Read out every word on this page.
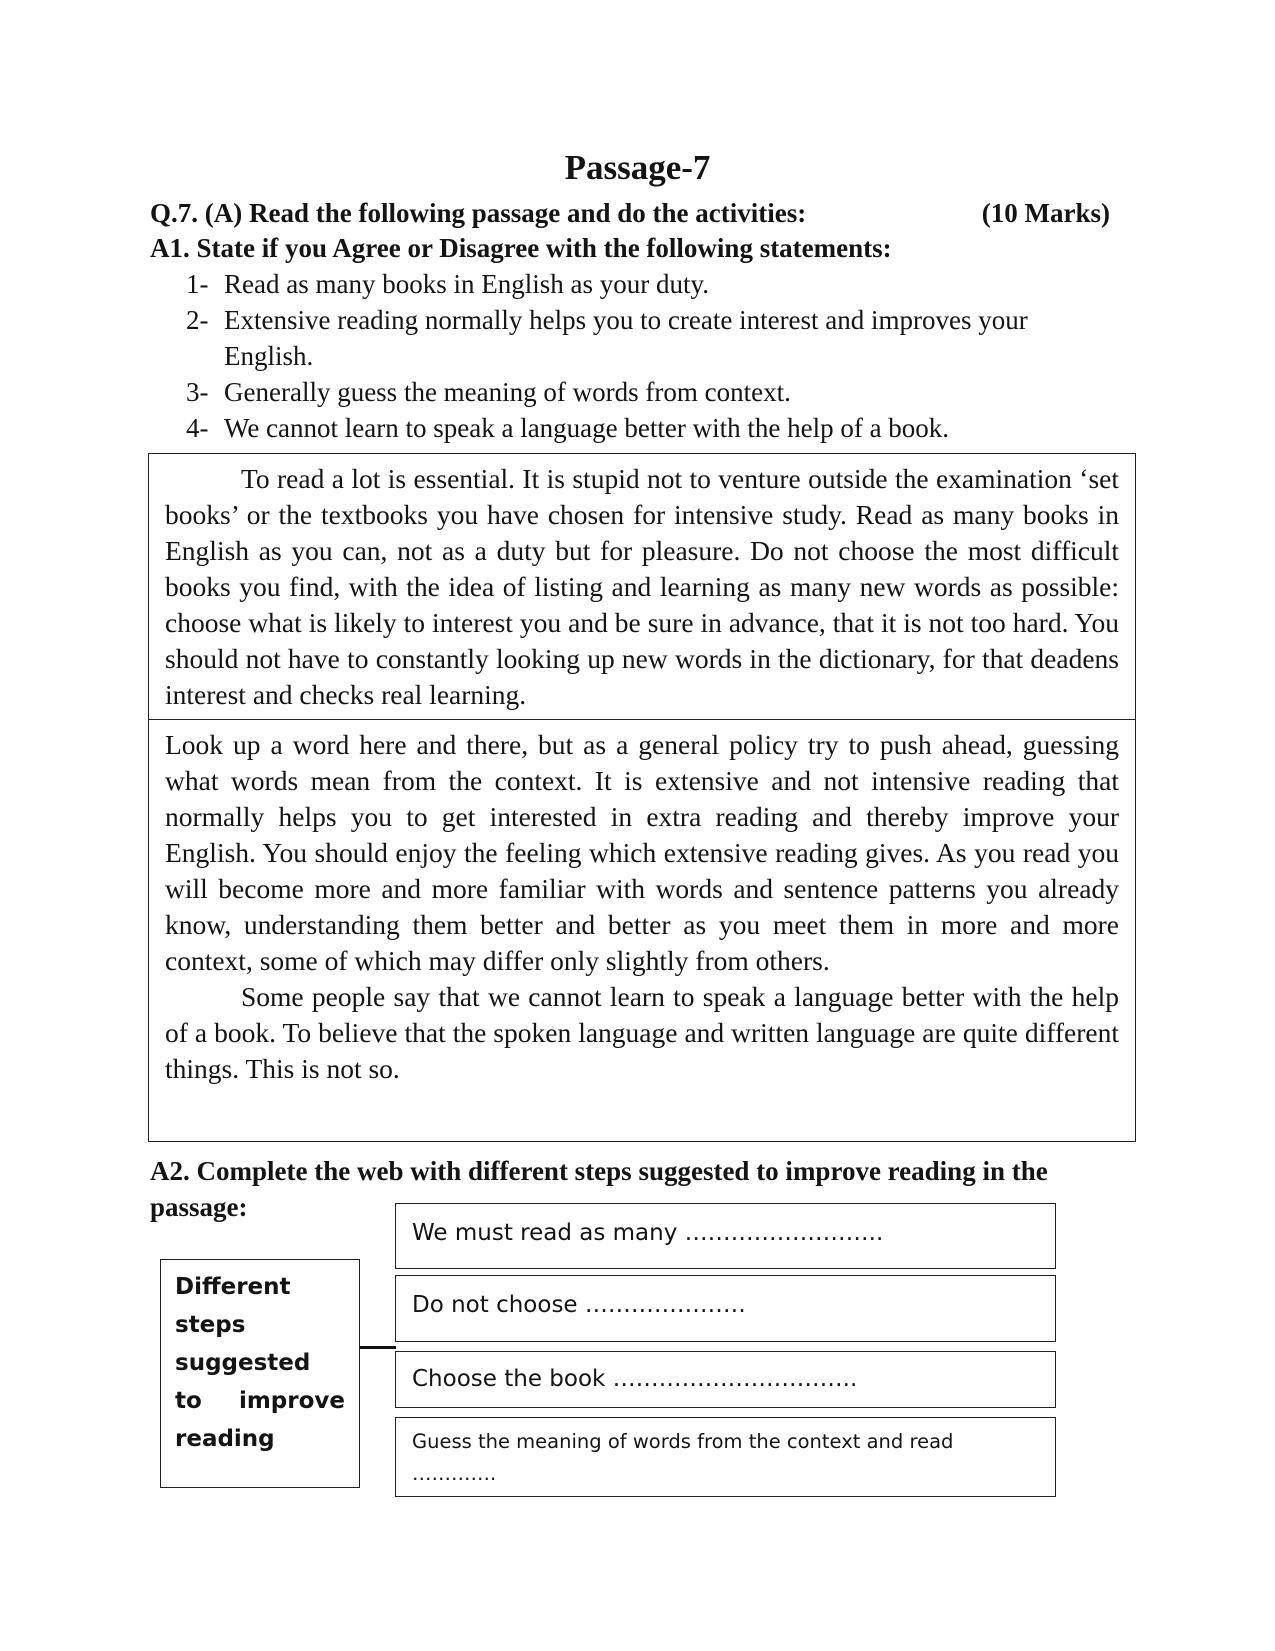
Passage-7
Q.7. (A) Read the following passage and do the activities:	(10 Marks)
A1. State if you Agree or Disagree with the following statements:
1- Read as many books in English as your duty.
2- Extensive reading normally helps you to create interest and improves your English.
3- Generally guess the meaning of words from context.
4- We cannot learn to speak a language better with the help of a book.

To read a lot is essential. It is stupid not to venture outside the examination ‘set books’ or the textbooks you have chosen for intensive study. Read as many books in English as you can, not as a duty but for pleasure. Do not choose the most difficult books you find, with the idea of listing and learning as many new words as possible: choose what is likely to interest you and be sure in advance, that it is not too hard. You should not have to constantly looking up new words in the dictionary, for that deadens interest and checks real learning.

Look up a word here and there, but as a general policy try to push ahead, guessing what words mean from the context. It is extensive and not intensive reading that normally helps you to get interested in extra reading and thereby improve your English. You should enjoy the feeling which extensive reading gives. As you read you will become more and more familiar with words and sentence patterns you already know, understanding them better and better as you meet them in more and more context, some of which may differ only slightly from others.

Some people say that we cannot learn to speak a language better with the help of a book. To believe that the spoken language and written language are quite different things. This is not so.

A2. Complete the web with different steps suggested to improve reading in the passage:
Different steps suggested to improve reading
We must read as many ……………………..
Do not choose …………………
Choose the book …………………………..
Guess the meaning of words from the context and read ………….
